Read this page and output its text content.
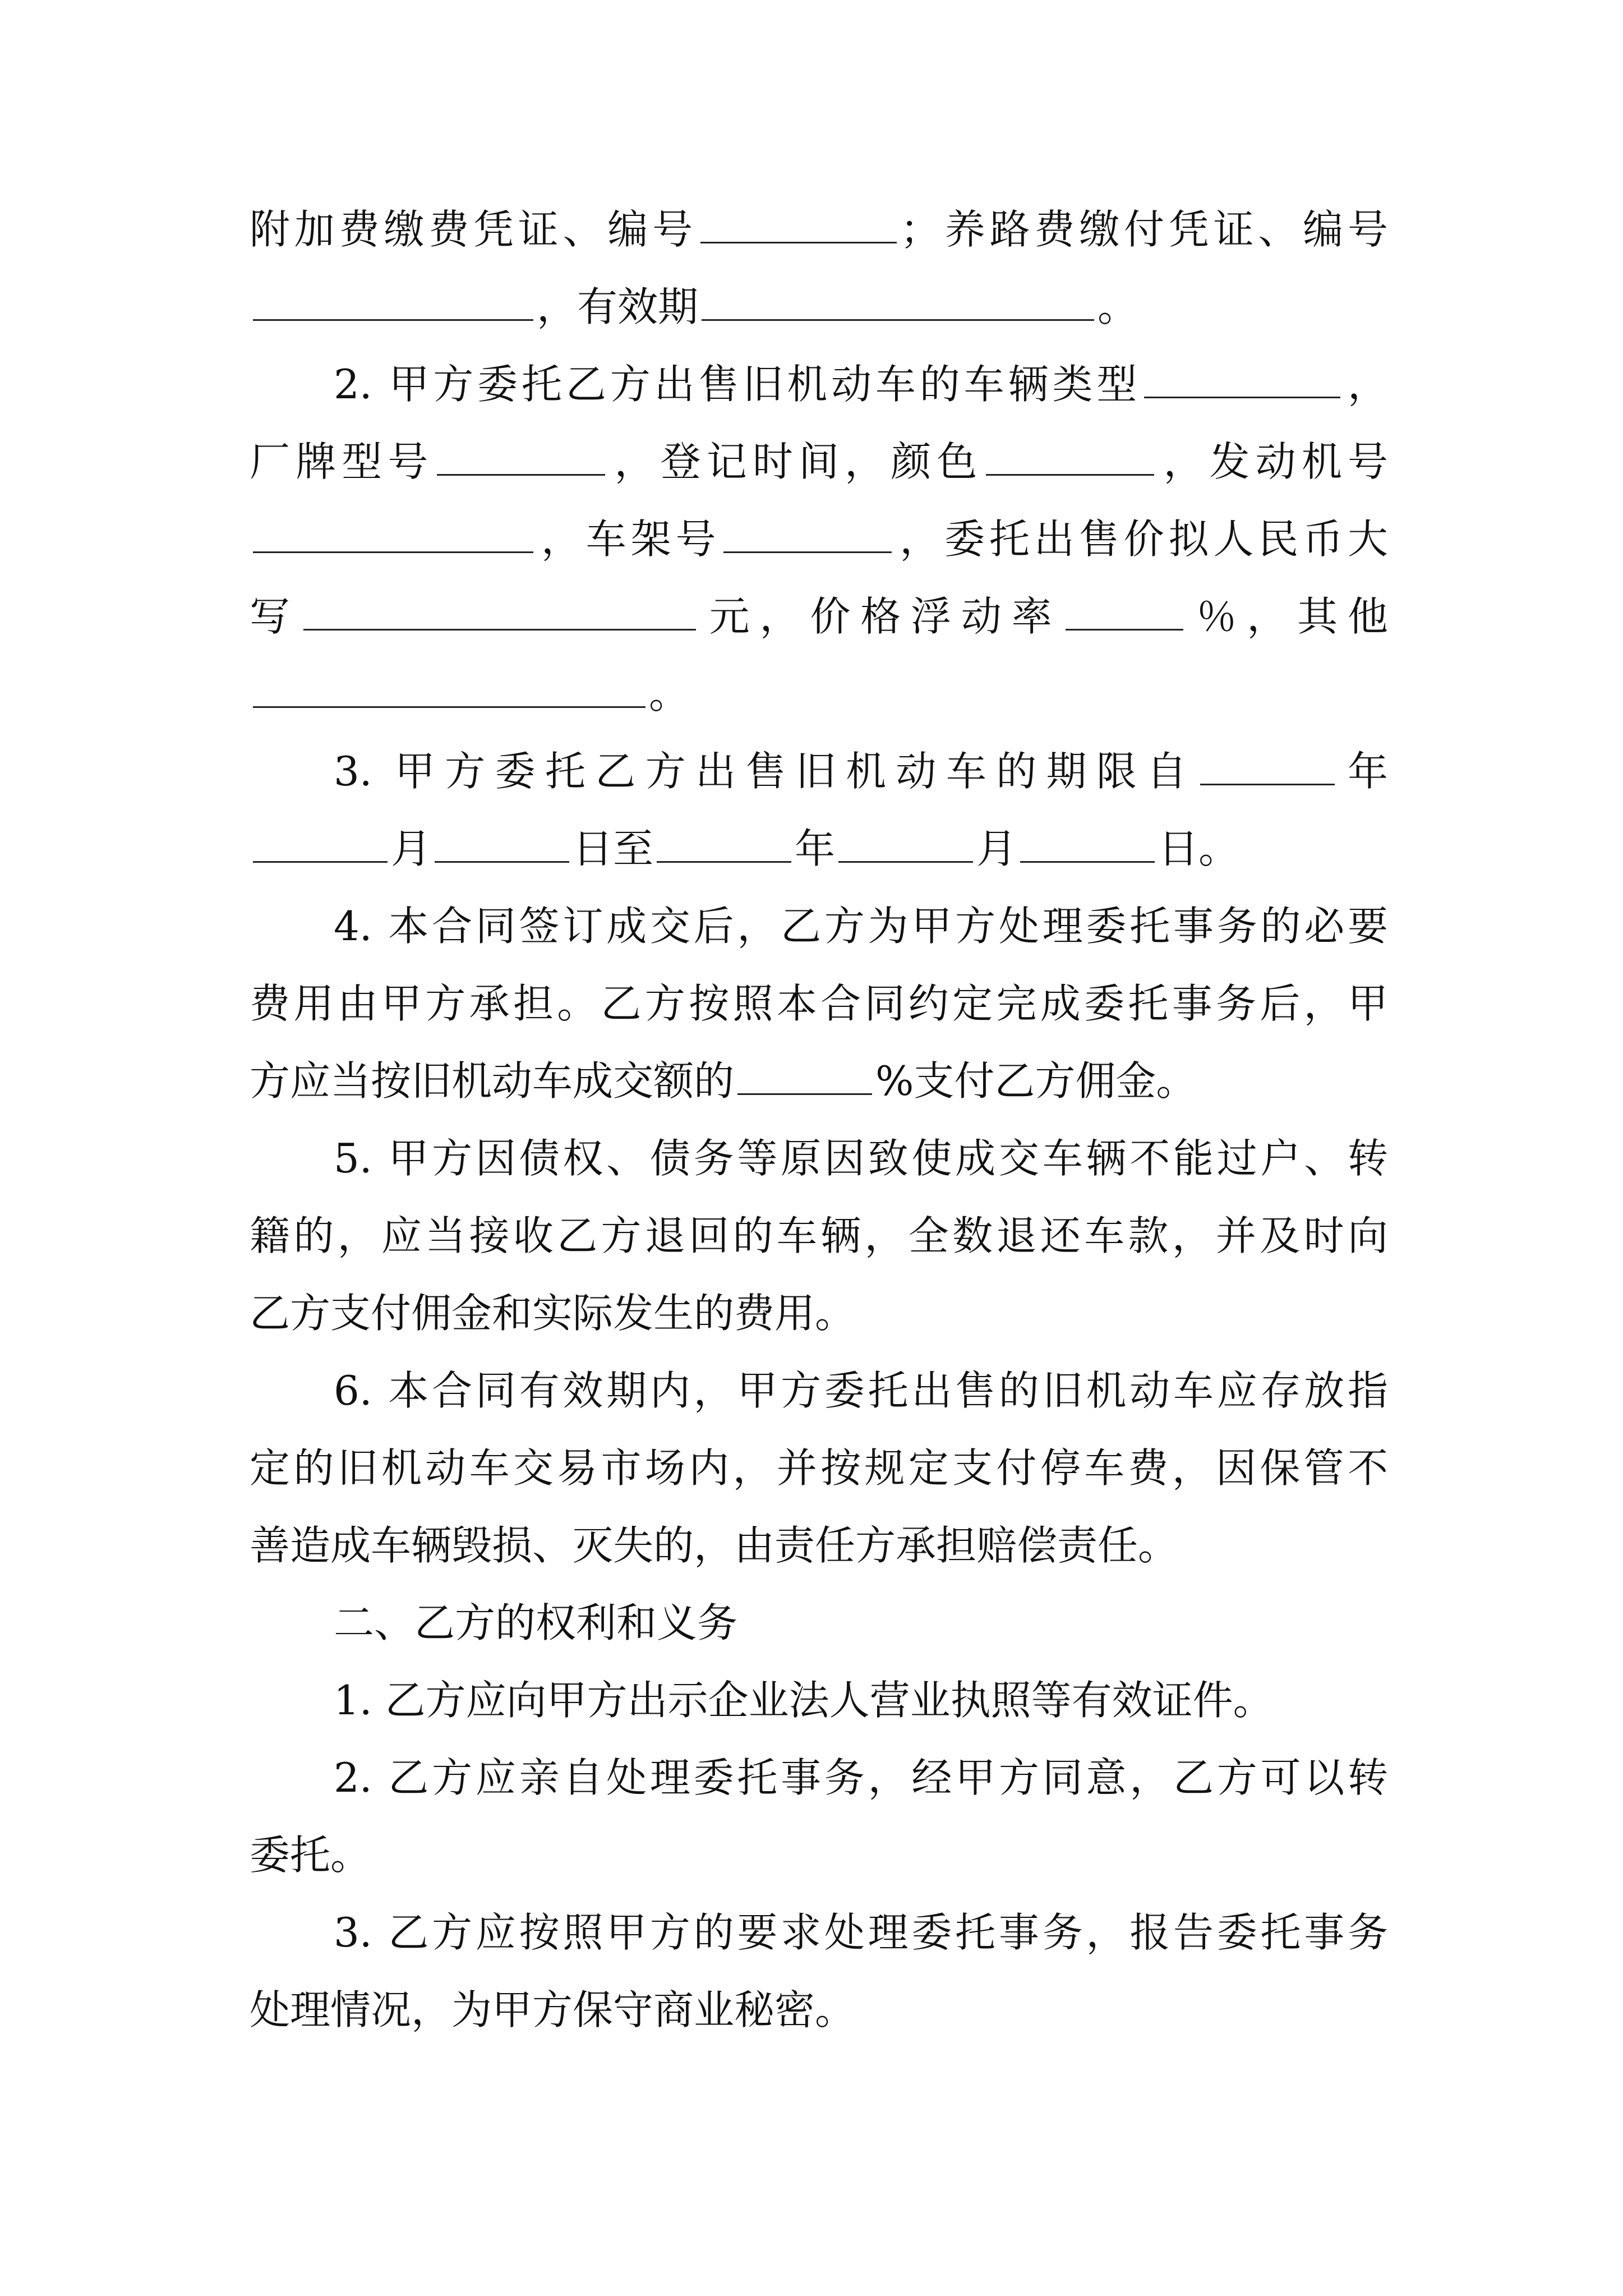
附加费缴费凭证、编号	；养路费缴付凭证、编号
，有效期	。
2. 甲方委托乙方出售旧机动车的车辆类型	，
厂牌型号	，登记时间，颜色	，发动机号
，车架号	，委托出售价拟人民币大
写	元，价格浮动率	％，其他
。
3. 甲方委托乙方出售旧机动车的期限自	年
月	日至	年	月	日。
4. 本合同签订成交后，乙方为甲方处理委托事务的必要
费用由甲方承担。乙方按照本合同约定完成委托事务后，甲
方应当按旧机动车成交额的	%支付乙方佣金。
5. 甲方因债权、债务等原因致使成交车辆不能过户、转
籍的，应当接收乙方退回的车辆，全数退还车款，并及时向
乙方支付佣金和实际发生的费用。
6. 本合同有效期内，甲方委托出售的旧机动车应存放指
定的旧机动车交易市场内，并按规定支付停车费，因保管不
善造成车辆毁损、灭失的，由责任方承担赔偿责任。
二、乙方的权利和义务
1. 乙方应向甲方出示企业法人营业执照等有效证件。
2. 乙方应亲自处理委托事务，经甲方同意，乙方可以转
委托。
3. 乙方应按照甲方的要求处理委托事务，报告委托事务
处理情况，为甲方保守商业秘密。
